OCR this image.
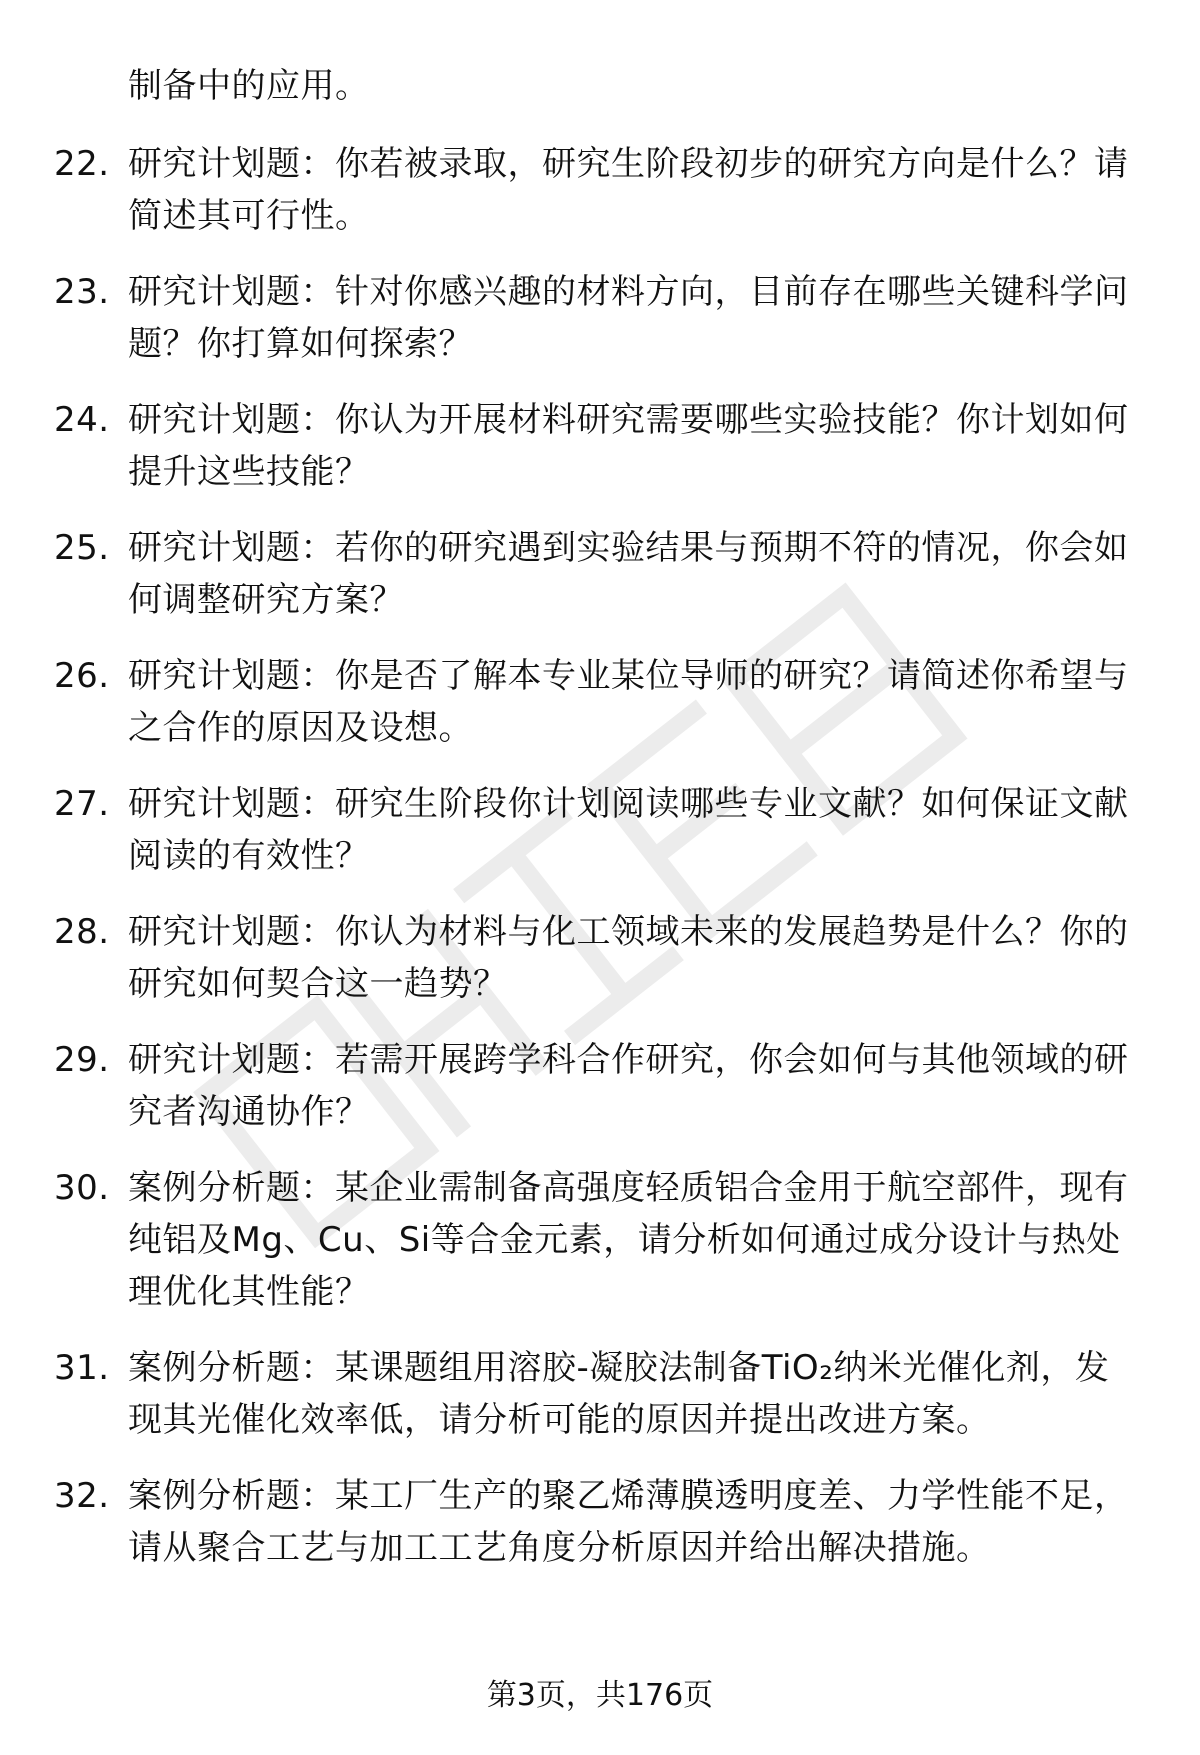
制备中的应用。
22. 研究计划题：你若被录取，研究生阶段初步的研究方向是什么？请简述其可行性。
23. 研究计划题：针对你感兴趣的材料方向，目前存在哪些关键科学问题？你打算如何探索？
24. 研究计划题：你认为开展材料研究需要哪些实验技能？你计划如何提升这些技能？
25. 研究计划题：若你的研究遇到实验结果与预期不符的情况，你会如何调整研究方案？
26. 研究计划题：你是否了解本专业某位导师的研究？请简述你希望与之合作的原因及设想。
27. 研究计划题：研究生阶段你计划阅读哪些专业文献？如何保证文献阅读的有效性？
28. 研究计划题：你认为材料与化工领域未来的发展趋势是什么？你的研究如何契合这一趋势？
29. 研究计划题：若需开展跨学科合作研究，你会如何与其他领域的研究者沟通协作？
30. 案例分析题：某企业需制备高强度轻质铝合金用于航空部件，现有纯铝及Mg、Cu、Si等合金元素，请分析如何通过成分设计与热处理优化其性能？
31. 案例分析题：某课题组用溶胶-凝胶法制备TiO₂纳米光催化剂，发现其光催化效率低，请分析可能的原因并提出改进方案。
32. 案例分析题：某工厂生产的聚乙烯薄膜透明度差、力学性能不足，请从聚合工艺与加工工艺角度分析原因并给出解决措施。
第3页，共176页
